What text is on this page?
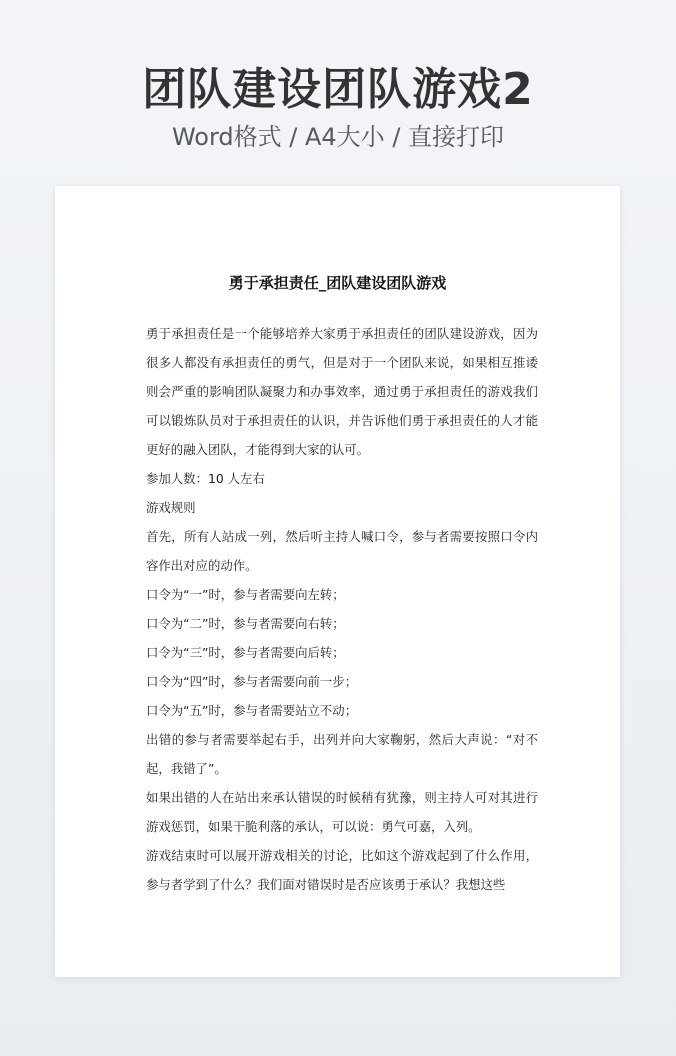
团队建设团队游戏2
Word格式 / A4大小 / 直接打印
勇于承担责任_团队建设团队游戏

勇于承担责任是一个能够培养大家勇于承担责任的团队建设游戏，因为很多人都没有承担责任的勇气，但是对于一个团队来说，如果相互推诿则会严重的影响团队凝聚力和办事效率，通过勇于承担责任的游戏我们可以锻炼队员对于承担责任的认识，并告诉他们勇于承担责任的人才能更好的融入团队，才能得到大家的认可。

参加人数：10 人左右

游戏规则

首先，所有人站成一列，然后听主持人喊口令，参与者需要按照口令内容作出对应的动作。

口令为“一”时，参与者需要向左转；

口令为“二”时，参与者需要向右转；

口令为“三”时，参与者需要向后转；

口令为“四”时，参与者需要向前一步；

口令为“五”时，参与者需要站立不动；

出错的参与者需要举起右手，出列并向大家鞠躬，然后大声说：“对不起，我错了”。

如果出错的人在站出来承认错误的时候稍有犹豫，则主持人可对其进行游戏惩罚，如果干脆利落的承认，可以说：勇气可嘉，入列。

游戏结束时可以展开游戏相关的讨论，比如这个游戏起到了什么作用，参与者学到了什么？我们面对错误时是否应该勇于承认？我想这些
